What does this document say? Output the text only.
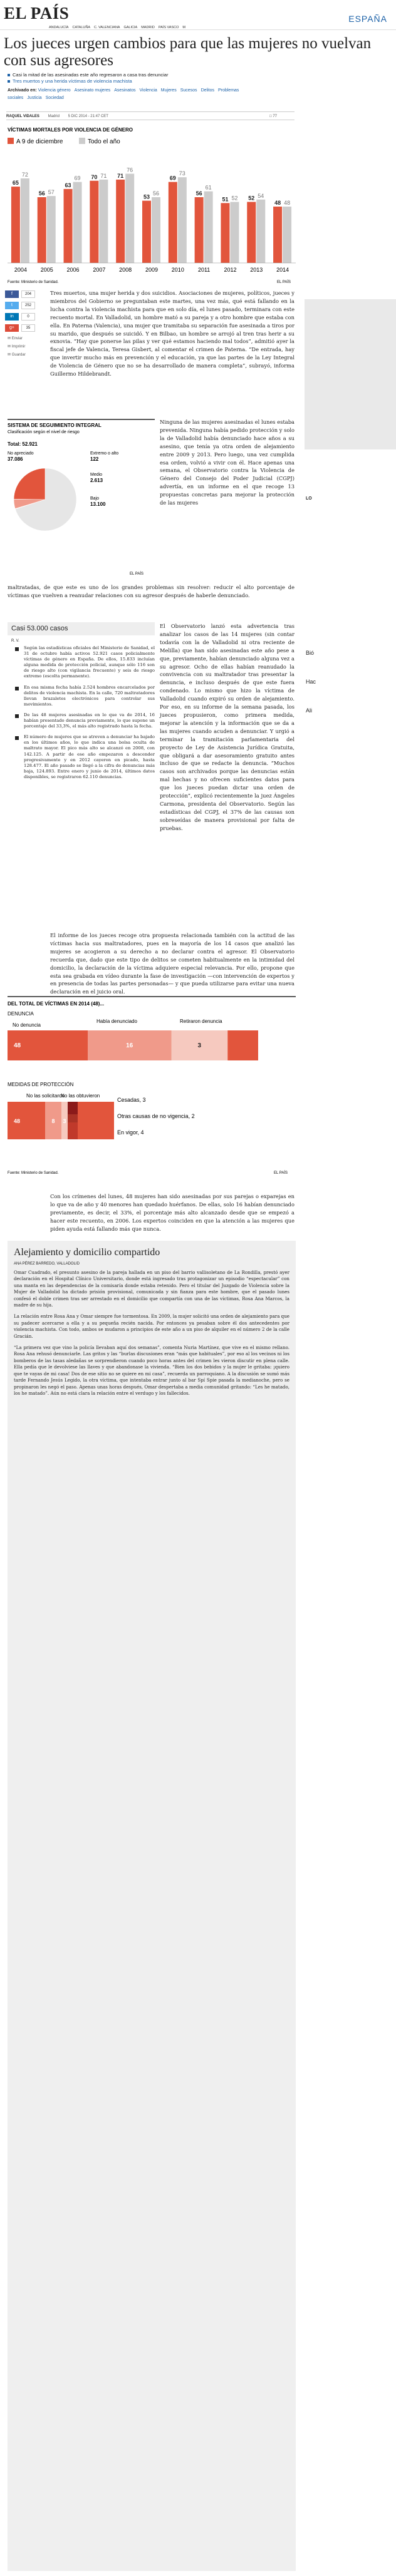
EL PAÍS	ESPAÑA
ANDALUCÍA CATALUÑA C. VALENCIANA GALICIA MADRID PAÍS VASCO M
Los jueces urgen cambios para que las mujeres no vuelvan con sus agresores
Casi la mitad de las asesinadas este año regresaron a casa tras denunciar
Tres muertos y una herida víctimas de violencia machista
Archivado en: Violencia género Asesinato mujeres Asesinatos Violencia Mujeres Sucesos Delitos Problemas sociales Justicia Sociedad
RAQUEL VIDALES Madrid 5 DIC 2014 - 21:47 CET	□ 77
VÍCTIMAS MORTALES POR VIOLENCIA DE GÉNERO
A 9 de diciembre	Todo el año
65
72
2004
56 57
2005
63
69
2006
70 71
2007
71
76
2008
53
56
2009
69
73
2010
56
61
2011
51 52
2012
52 54
2013
48 48
2014
Fuente: Ministerio de Sanidad.	EL PAÍS
f	204
t	252
in	0
g+	35
✉ Enviar
✉ Imprimir
✉ Guardar
Tres muertos, una mujer herida y dos suicidios. Asociaciones de mujeres, políticos, jueces y miembros del Gobierno se preguntaban este martes, una vez más, qué está fallando en la lucha contra la violencia machista para que en solo día, el lunes pasado, terminara con este recuento mortal. En Valladolid, un hombre mató a su pareja y a otro hombre que estaba con ella. En Paterna (Valencia), una mujer que tramitaba su separación fue asesinada a tiros por su marido, que después se suicidó. Y en Bilbao, un hombre se arrojó al tren tras herir a su exnovia. “Hay que ponerse las pilas y ver qué estamos haciendo mal todos”, admitió ayer la fiscal jefe de Valencia, Teresa Gisbert, al comentar el crimen de Paterna. “De entrada, hay que invertir mucho más en prevención y el educación, ya que las partes de la Ley Integral de Violencia de Género que no se ha desarrollado de manera completa”, subrayó, informa Guillermo Hildebrandt.
SISTEMA DE SEGUIMIENTO INTEGRAL
Clasificación según el nivel de riesgo
Total: 52.921
No apreciado
37.086
Extremo o alto
122
Medio
2.613
Bajo
13.100
EL PAÍS
Ninguna de las mujeres asesinadas el lunes estaba prevenida. Ninguna había pedido protección y solo la de Valladolid había denunciado hace años a su asesino, que tenía ya otra orden de alejamiento entre 2009 y 2013. Pero luego, una vez cumplida esa orden, volvió a vivir con él. Hace apenas una semana, el Observatorio contra la Violencia de Género del Consejo del Poder Judicial (CGPJ) advertía, en un informe en el que recoge 13 propuestas concretas para mejorar la protección de las mujeres
maltratadas, de que este es uno de los grandes problemas sin resolver: reducir el alto porcentaje de víctimas que vuelven a reanudar relaciones con su agresor después de haberle denunciado.
Casi 53.000 casos
R. V.
Según las estadísticas oficiales del Ministerio de Sanidad, el 31 de octubre había activos 52.921 casos policialmente víctimas de género en España. De ellos, 15.833 incluían alguna medida de protección policial, aunque sólo 116 son de riesgo alto (con vigilancia frecuente) y seis de riesgo extremo (escolta permanente).
En esa misma fecha había 2.524 hombres encarcelados por delitos de violencia machista. En la calle, 720 maltratadores llevan brazaletes electrónicos para controlar sus movimientos.
De las 48 mujeres asesinadas en lo que va de 2014, 16 habían presentado denuncia previamente, lo que supone un porcentaje del 33,3%, el más alto registrado hasta la fecha.
El número de mujeres que se atreven a denunciar ha bajado en los últimos años, lo que indica una bolsa oculta de maltrato mayor. El pico más alto se alcanzó en 2008, con 142.125. A partir de ese año empezaron a descender progresivamente y en 2012 cayeron en picado, hasta 128.477. El año pasado se llegó a la cifra de denuncias más baja, 124.893. Entre enero y junio de 2014, últimos datos disponibles, se registraron 62.110 denuncias.
El Observatorio lanzó esta advertencia tras analizar los casos de las 14 mujeres (sin contar todavía con la de Valladolid ni otra reciente de Melilla) que han sido asesinadas este año pese a que, previamente, habían denunciado alguna vez a su agresor. Ocho de ellas habían reanudado la convivencia con su maltratador tras presentar la denuncia, e incluso después de que este fuera condenado. Lo mismo que hizo la víctima de Valladolid cuando expiró su orden de alejamiento. Por eso, en su informe de la semana pasada, los jueces propusieron, como primera medida, mejorar la atención y la información que se da a las mujeres cuando acuden a denunciar. Y urgió a terminar la tramitación parlamentaria del proyecto de Ley de Asistencia Jurídica Gratuita, que obligará a dar asesoramiento gratuito antes incluso de que se redacte la denuncia. “Muchos casos son archivados porque las denuncias están mal hechas y no ofrecen suficientes datos para que los jueces puedan dictar una orden de protección”, explicó recientemente la juez Ángeles Carmona, presidenta del Observatorio. Según las estadísticas del CGPJ, el 37% de las causas son sobreseídas de manera provisional por falta de pruebas.
El informe de los jueces recoge otra propuesta relacionada también con la actitud de las víctimas hacia sus maltratadores, pues en la mayoría de los 14 casos que analizó las mujeres se acogieron a su derecho a no declarar contra el agresor. El Observatorio recuerda que, dado que este tipo de delitos se cometen habitualmente en la intimidad del domicilio, la declaración de la víctima adquiere especial relevancia. Por ello, propone que esta sea grabada en vídeo durante la fase de investigación —con intervención de expertos y en presencia de todas las partes personadas— y que pueda utilizarse para evitar una nueva declaración en el juicio oral.
DEL TOTAL DE VÍCTIMAS EN 2014 (48)...
DENUNCIA
No denuncia
Había denunciado	Retiraron denuncia
48	16	3
48	8 3
MEDIDAS DE PROTECCIÓN
No las solicitaron
No las obtuvieron
Cesadas, 3
Otras causas de no vigencia, 2
En vigor, 4
Fuente: Ministerio de Sanidad.	EL PAÍS
Con los crímenes del lunes, 48 mujeres han sido asesinadas por sus parejas o exparejas en lo que va de año y 40 menores han quedado huérfanos. De ellas, solo 16 habían denunciado previamente, es decir, el 33%, el porcentaje más alto alcanzado desde que se empezó a hacer este recuento, en 2006. Los expertos coinciden en que la atención a las mujeres que piden ayuda está fallando más que nunca.
Alejamiento y domicilio compartido
ANA PÉREZ BARREDO, VALLADOLID
Omar Cuadrado, el presunto asesino de la pareja hallada en un piso del barrio vallisoletano de La Rondilla, prestó ayer declaración en el Hospital Clínico Universitario, donde está ingresado tras protagonizar un episodio “espectacular” con una manta en las dependencias de la comisaría donde estaba retenido. Pero el titular del Juzgado de Violencia sobre la Mujer de Valladolid ha dictado prisión provisional, comunicada y sin fianza para este hombre, que el pasado lunes confesó el doble crimen tras ser arrestado en el domicilio que compartía con una de las víctimas, Rosa Ana Marcos, la madre de su hija.
La relación entre Rosa Ana y Omar siempre fue tormentosa. En 2009, la mujer solicitó una orden de alejamiento para que su padecer acercarse a ella y a su pequeña recién nacida. Por entonces ya pesaban sobre él dos antecedentes por violencia machista. Con todo, ambos se mudaron a principios de este año a un piso de alquiler en el número 2 de la calle Gracián.
“La primera vez que vino la policía llevaban aquí dos semanas”, comenta Nuria Martínez, que vive en el mismo rellano. Rosa Ana rehusó denunciarle. Las gritos y las “burlas discusiones eran “más que habituales”, por eso al los vecinos ni los bomberos de las tasas aledañas se sorprendieron cuando poco horas antes del crimen les vieron discutir en plena calle. Ella pedía que le devolviese las llaves y que abandonase la vivienda. “Bien los dos bebidos y la mujer le gritaba: ¡quiero que te vayas de mi casa! Dos de ese sitio no se quiere en mi casa”, recuerda un parroquiano. A la discusión se sumó más tarde Fernando Jesús Legido, la otra víctima, que intentaba entrar junto al bar Spí Spie pasada la medianoche, pero se propinaron les negó el paso. Apenas unas horas después, Omar despertaba a media comunidad gritando: “Les he matado, los he matado”. Aún no está clara la relación entre el verdugo y los fallecidos.
LO
Bió
Hac
Ali
